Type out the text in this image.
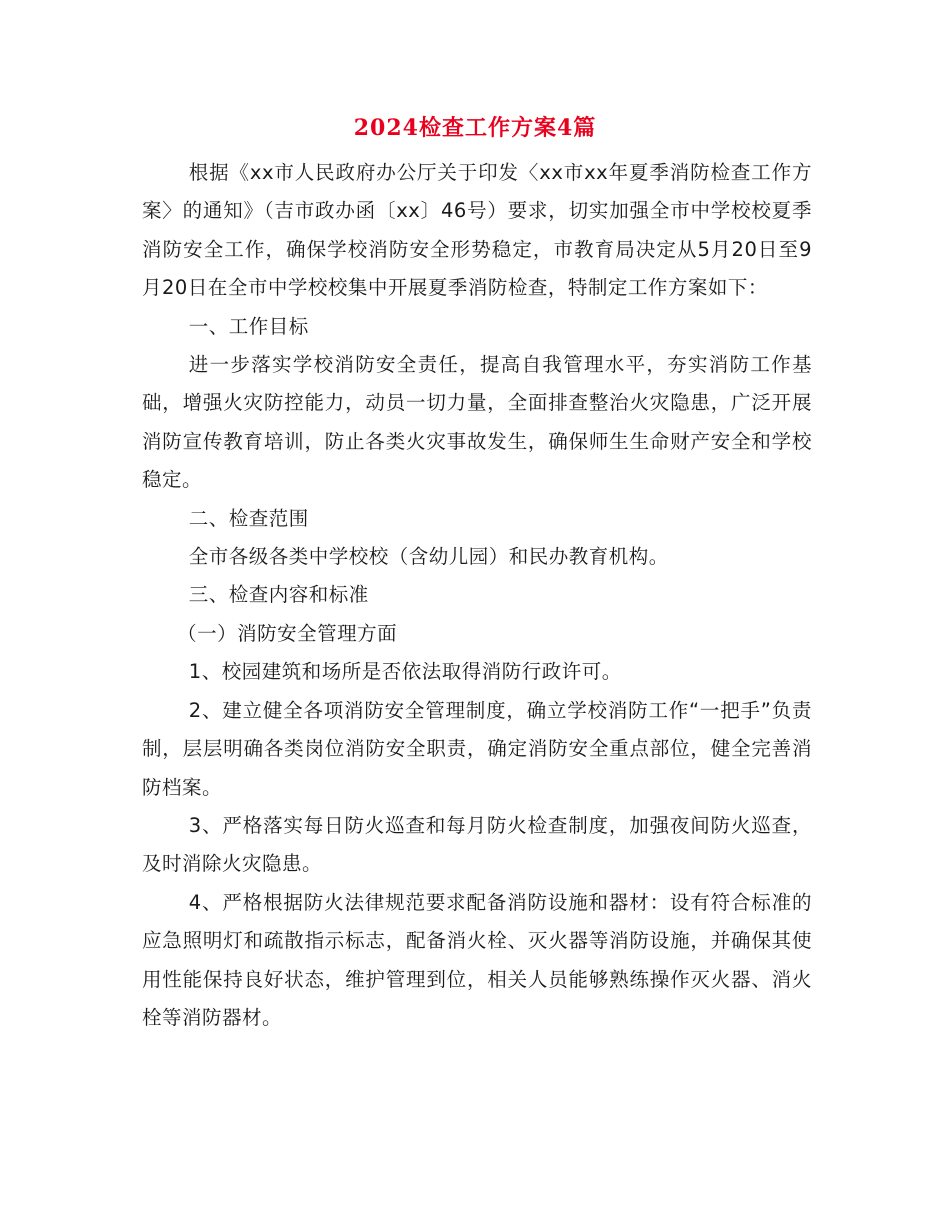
2024检查工作方案4篇

根据《xx市人民政府办公厅关于印发〈xx市xx年夏季消防检查工作方案〉的通知》（吉市政办函〔xx〕46号）要求，切实加强全市中学校校夏季消防安全工作，确保学校消防安全形势稳定，市教育局决定从5月20日至9月20日在全市中学校校集中开展夏季消防检查，特制定工作方案如下：

一、工作目标

进一步落实学校消防安全责任，提高自我管理水平，夯实消防工作基础，增强火灾防控能力，动员一切力量，全面排查整治火灾隐患，广泛开展消防宣传教育培训，防止各类火灾事故发生，确保师生生命财产安全和学校稳定。

二、检查范围

全市各级各类中学校校（含幼儿园）和民办教育机构。

三、检查内容和标准

（一）消防安全管理方面

1、校园建筑和场所是否依法取得消防行政许可。

2、建立健全各项消防安全管理制度，确立学校消防工作“一把手”负责制，层层明确各类岗位消防安全职责，确定消防安全重点部位，健全完善消防档案。

3、严格落实每日防火巡查和每月防火检查制度，加强夜间防火巡查，及时消除火灾隐患。

4、严格根据防火法律规范要求配备消防设施和器材：设有符合标准的应急照明灯和疏散指示标志，配备消火栓、灭火器等消防设施，并确保其使用性能保持良好状态，维护管理到位，相关人员能够熟练操作灭火器、消火栓等消防器材。
